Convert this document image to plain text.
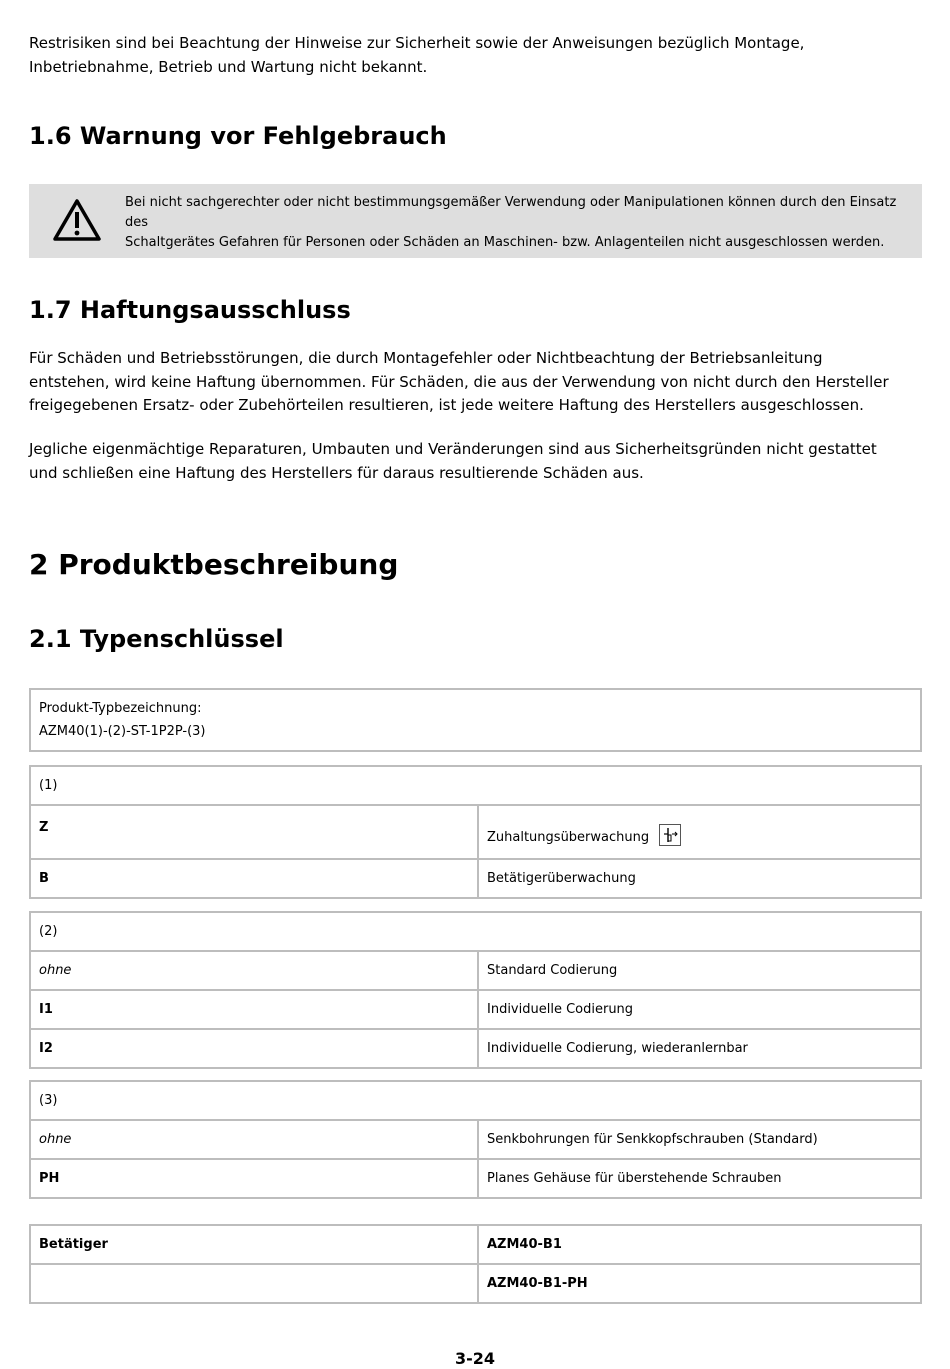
Restrisiken sind bei Beachtung der Hinweise zur Sicherheit sowie der Anweisungen bezüglich Montage,
Inbetriebnahme, Betrieb und Wartung nicht bekannt.

1.6 Warnung vor Fehlgebrauch
Bei nicht sachgerechter oder nicht bestimmungsgemäßer Verwendung oder Manipulationen können durch den Einsatz des
Schaltgerätes Gefahren für Personen oder Schäden an Maschinen- bzw. Anlagenteilen nicht ausgeschlossen werden.
1.7 Haftungsausschluss

Für Schäden und Betriebsstörungen, die durch Montagefehler oder Nichtbeachtung der Betriebsanleitung
entstehen, wird keine Haftung übernommen. Für Schäden, die aus der Verwendung von nicht durch den Hersteller
freigegebenen Ersatz- oder Zubehörteilen resultieren, ist jede weitere Haftung des Herstellers ausgeschlossen.

Jegliche eigenmächtige Reparaturen, Umbauten und Veränderungen sind aus Sicherheitsgründen nicht gestattet
und schließen eine Haftung des Herstellers für daraus resultierende Schäden aus.

2 Produktbeschreibung
2.1 Typenschlüssel
Produkt-Typbezeichnung:
AZM40(1)-(2)-ST-1P2P-(3)
(1)	
Z	Zuhaltungsüberwachung
B	Betätigerüberwachung
(2)	
ohne	Standard Codierung
I1	Individuelle Codierung
I2	Individuelle Codierung, wiederanlernbar
(3)	
ohne	Senkbohrungen für Senkkopfschrauben (Standard)
PH	Planes Gehäuse für überstehende Schrauben
Betätiger	AZM40-B1
	AZM40-B1-PH
3-24
